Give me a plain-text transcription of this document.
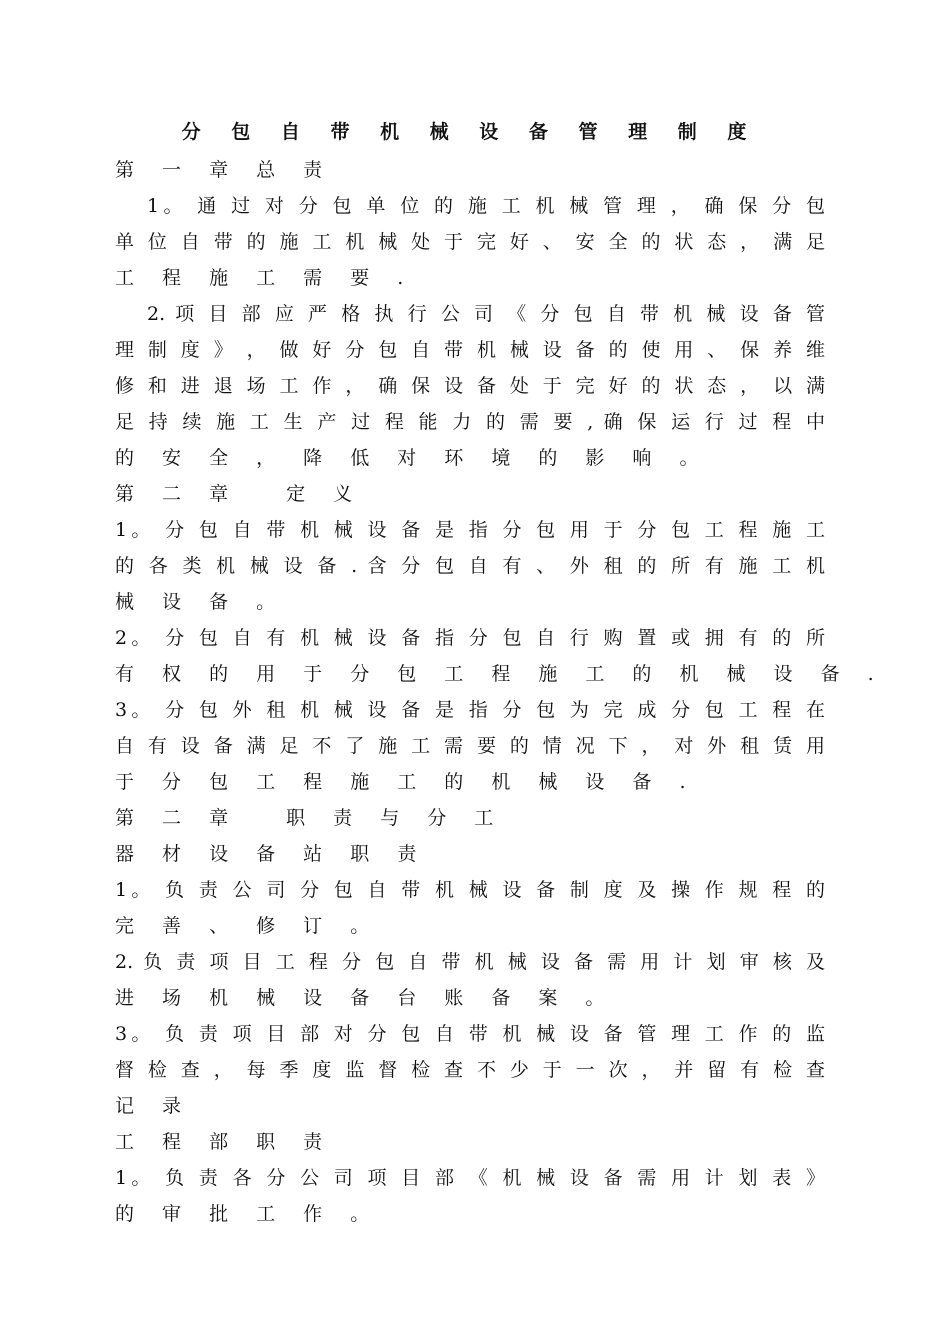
分 包 自 带 机 械 设 备 管 理 制 度

第 一 章 总 责

1。 通 过 对 分 包 单 位 的 施 工 机 械 管 理 ， 确 保 分 包

单 位 自 带 的 施 工 机 械 处 于 完 好 、 安 全 的 状 态 ， 满 足

工 程 施 工 需 要 .

2. 项 目 部 应 严 格 执 行 公 司 《 分 包 自 带 机 械 设 备 管

理 制 度 》 ， 做 好 分 包 自 带 机 械 设 备 的 使 用 、 保 养 维

修 和 进 退 场 工 作 ， 确 保 设 备 处 于 完 好 的 状 态 ， 以 满

足 持 续 施 工 生 产 过 程 能 力 的 需 要 , 确 保 运 行 过 程 中

的 安 全 ， 降 低 对 环 境 的 影 响 。

第 二 章 　定 义

1。 分 包 自 带 机 械 设 备 是 指 分 包 用 于 分 包 工 程 施 工

的 各 类 机 械 设 备 . 含 分 包 自 有 、 外 租 的 所 有 施 工 机

械 设 备 。

2。 分 包 自 有 机 械 设 备 指 分 包 自 行 购 置 或 拥 有 的 所

有 权 的 用 于 分 包 工 程 施 工 的 机 械 设 备 .

3。 分 包 外 租 机 械 设 备 是 指 分 包 为 完 成 分 包 工 程 在

自 有 设 备 满 足 不 了 施 工 需 要 的 情 况 下 ， 对 外 租 赁 用

于 分 包 工 程 施 工 的 机 械 设 备 .

第 二 章 　职 责 与 分 工

器 材 设 备 站 职 责

1。 负 责 公 司 分 包 自 带 机 械 设 备 制 度 及 操 作 规 程 的

完 善 、 修 订 。

2. 负 责 项 目 工 程 分 包 自 带 机 械 设 备 需 用 计 划 审 核 及

进 场 机 械 设 备 台 账 备 案 。

3。 负 责 项 目 部 对 分 包 自 带 机 械 设 备 管 理 工 作 的 监

督 检 查 ， 每 季 度 监 督 检 查 不 少 于 一 次 ， 并 留 有 检 查

记 录

工 程 部 职 责

1。 负 责 各 分 公 司 项 目 部 《 机 械 设 备 需 用 计 划 表 》

的 审 批 工 作 。
